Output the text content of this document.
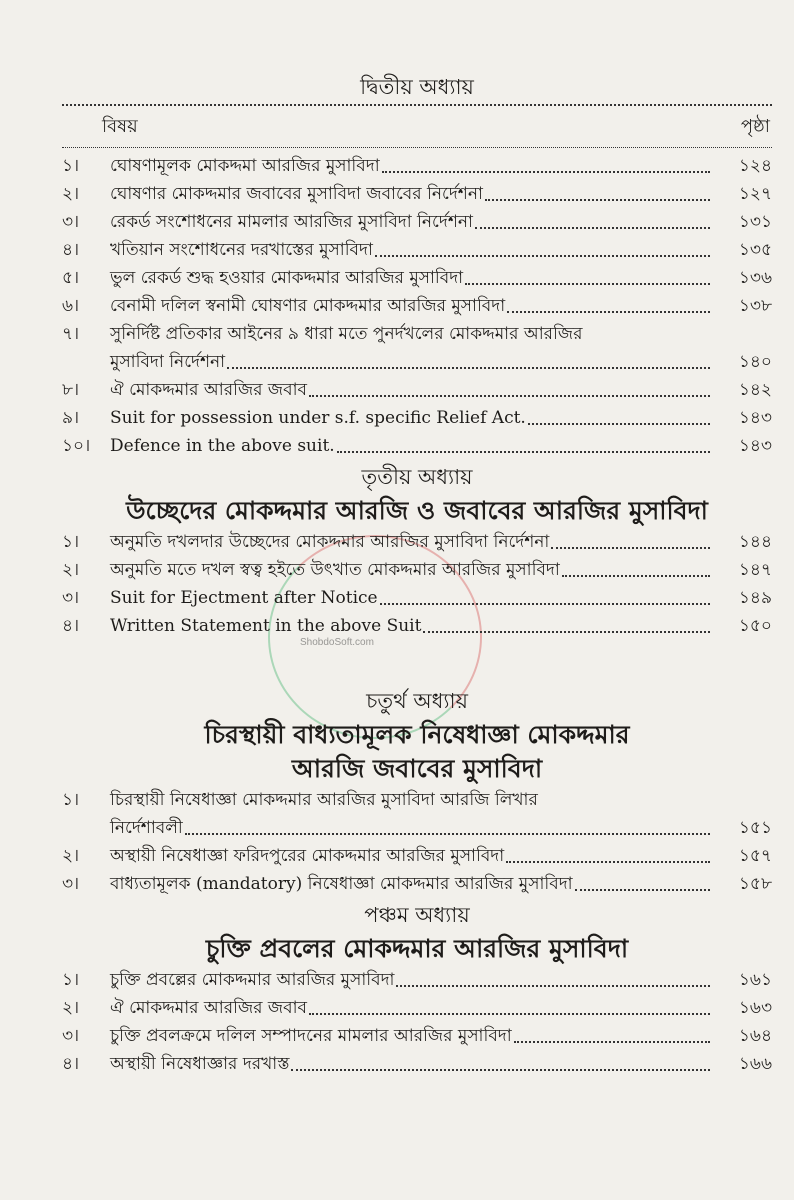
ShobdoSoft.com
দ্বিতীয় অধ্যায়
বিষয়	পৃষ্ঠা
১।	ঘোষণামূলক মোকদ্দমা আরজির মুসাবিদা	১২৪
২।	ঘোষণার মোকদ্দমার জবাবের মুসাবিদা জবাবের নির্দেশনা	১২৭
৩।	রেকর্ড সংশোধনের মামলার আরজির মুসাবিদা নির্দেশনা	১৩১
৪।	খতিয়ান সংশোধনের দরখাস্তের মুসাবিদা	১৩৫
৫।	ভুল রেকর্ড শুদ্ধ হওয়ার মোকদ্দমার আরজির মুসাবিদা	১৩৬
৬।	বেনামী দলিল স্বনামী ঘোষণার মোকদ্দমার আরজির মুসাবিদা	১৩৮
৭।	সুনির্দিষ্ট প্রতিকার আইনের ৯ ধারা মতে পুনর্দখলের মোকদ্দমার আরজির
মুসাবিদা নির্দেশনা	১৪০
৮।	ঐ মোকদ্দমার আরজির জবাব	১৪২
৯।	Suit for possession under s.f. specific Relief Act.	১৪৩
১০।	Defence in the above suit.	১৪৩
তৃতীয় অধ্যায়
উচ্ছেদের মোকদ্দমার আরজি ও জবাবের আরজির মুসাবিদা
১।	অনুমতি দখলদার উচ্ছেদের মোকদ্দমার আরজির মুসাবিদা নির্দেশনা	১৪৪
২।	অনুমতি মতে দখল স্বত্ব হইতে উৎখাত মোকদ্দমার আরজির মুসাবিদা	১৪৭
৩।	Suit for Ejectment after Notice	১৪৯
৪।	Written Statement in the above Suit	১৫০
চতুর্থ অধ্যায়
চিরস্থায়ী বাধ্যতামূলক নিষেধাজ্ঞা মোকদ্দমার
আরজি জবাবের মুসাবিদা
১।	চিরস্থায়ী নিষেধাজ্ঞা মোকদ্দমার আরজির মুসাবিদা আরজি লিখার
নির্দেশাবলী	১৫১
২।	অস্থায়ী নিষেধাজ্ঞা ফরিদপুরের মোকদ্দমার আরজির মুসাবিদা	১৫৭
৩।	বাধ্যতামূলক (mandatory) নিষেধাজ্ঞা মোকদ্দমার আরজির মুসাবিদা	১৫৮
পঞ্চম অধ্যায়
চুক্তি প্রবলের মোকদ্দমার আরজির মুসাবিদা
১।	চুক্তি প্রবল্লের মোকদ্দমার আরজির মুসাবিদা	১৬১
২।	ঐ মোকদ্দমার আরজির জবাব	১৬৩
৩।	চুক্তি প্রবলক্রমে দলিল সম্পাদনের মামলার আরজির মুসাবিদা	১৬৪
৪।	অস্থায়ী নিষেধাজ্ঞার দরখাস্ত	১৬৬
